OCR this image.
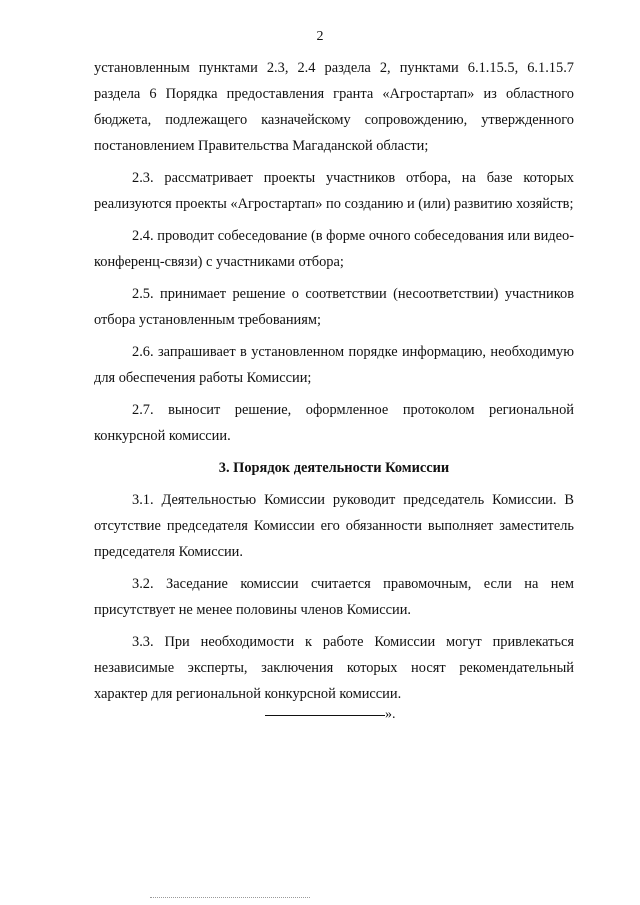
2

установленным пунктами 2.3, 2.4 раздела 2, пунктами 6.1.15.5, 6.1.15.7 раздела 6 Порядка предоставления гранта «Агростартап» из областного бюджета, подлежащего казначейскому сопровождению, утвержденного постановлением Правительства Магаданской области;

2.3. рассматривает проекты участников отбора, на базе которых реализуются проекты «Агростартап» по созданию и (или) развитию хозяйств;

2.4. проводит собеседование (в форме очного собеседования или видео-конференц-связи) с участниками отбора;

2.5. принимает решение о соответствии (несоответствии) участников отбора установленным требованиям;

2.6. запрашивает в установленном порядке информацию, необходимую для обеспечения работы Комиссии;

2.7. выносит решение, оформленное протоколом региональной конкурсной комиссии.

3. Порядок деятельности Комиссии

3.1. Деятельностью Комиссии руководит председатель Комиссии. В отсутствие председателя Комиссии его обязанности выполняет заместитель председателя Комиссии.

3.2. Заседание комиссии считается правомочным, если на нем присутствует не менее половины членов Комиссии.

3.3. При необходимости к работе Комиссии могут привлекаться независимые эксперты, заключения которых носят рекомендательный характер для региональной конкурсной комиссии.

».
